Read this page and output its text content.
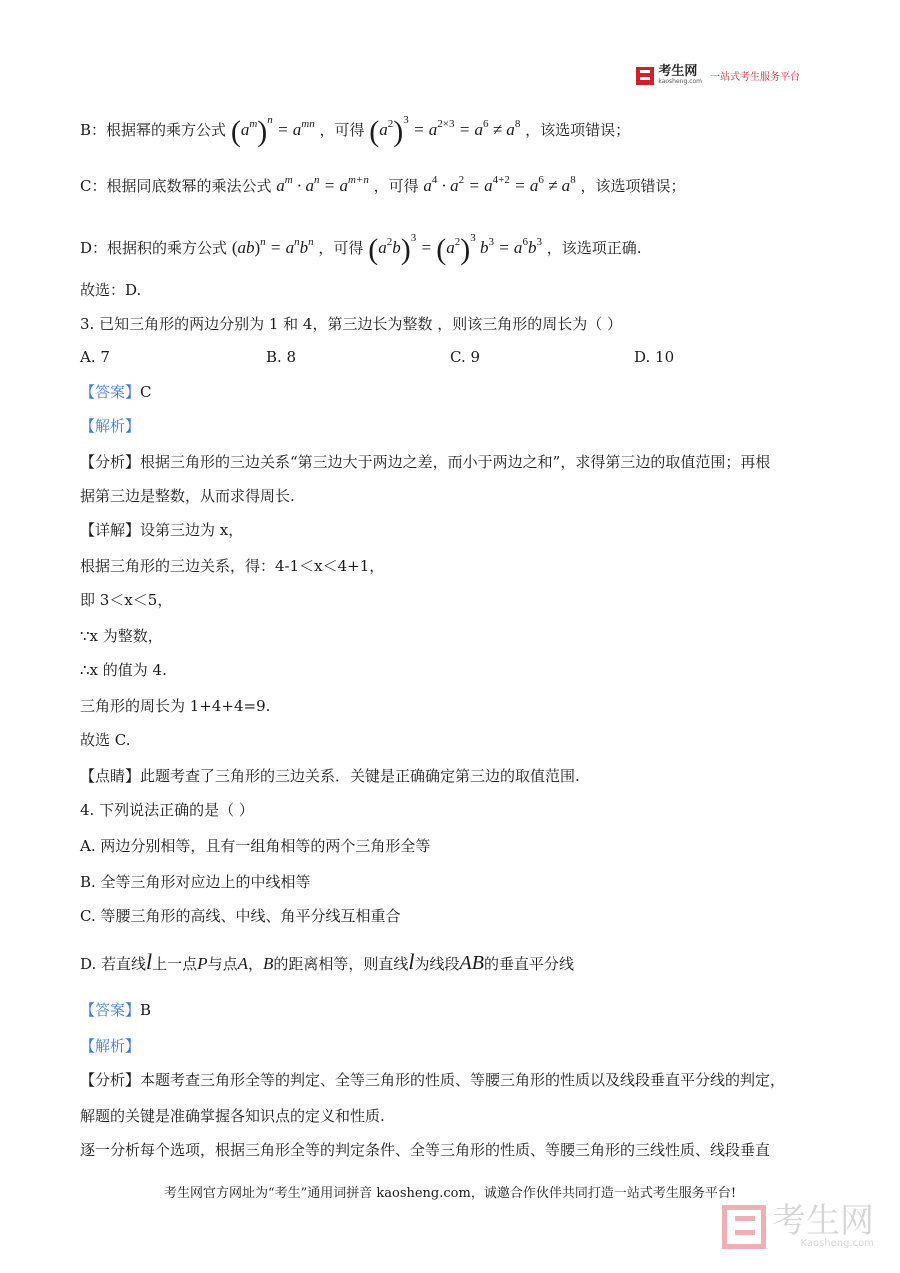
考生网
kaosheng.com 一站式考生服务平台
B：根据幂的乘方公式 $(a^m)^n = a^{mn}$ ，可得 $(a^2)^3 = a^{2\times 3} = a^6 \ne a^8$ ，该选项错误；
C：根据同底数幂的乘法公式 $a^m \cdot a^n = a^{m+n}$ ，可得 $a^4 \cdot a^2 = a^{4+2} = a^6 \ne a^8$ ，该选项错误；
D：根据积的乘方公式 $(ab)^n = a^nb^n$ ，可得 $(a^2b)^3 = (a^2)^3$ $b^3 = a^6b^3$ ，该选项正确.
故选：D.
3. 已知三角形的两边分别为 1 和 4，第三边长为整数 ，则该三角形的周长为（ ）
A. 7	B. 8	C. 9	D. 10
【答案】C
【解析】
【分析】根据三角形的三边关系“第三边大于两边之差，而小于两边之和”，求得第三边的取值范围；再根
据第三边是整数，从而求得周长.
【详解】设第三边为 x，
根据三角形的三边关系，得：4-1＜x＜4+1，
即 3＜x＜5，
∵x 为整数，
∴x 的值为 4.
三角形的周长为 1+4+4=9.
故选 C.
【点睛】此题考查了三角形的三边关系．关键是正确确定第三边的取值范围.
4. 下列说法正确的是（ ）
A. 两边分别相等，且有一组角相等的两个三角形全等
B. 全等三角形对应边上的中线相等
C. 等腰三角形的高线、中线、角平分线互相重合
D. 若直线l上一点P与点A，B的距离相等，则直线l为线段AB的垂直平分线
【答案】B
【解析】
【分析】本题考查三角形全等的判定、全等三角形的性质、等腰三角形的性质以及线段垂直平分线的判定，
解题的关键是准确掌握各知识点的定义和性质.
逐一分析每个选项，根据三角形全等的判定条件、全等三角形的性质、等腰三角形的三线性质、线段垂直
考生网官方网址为“考生”通用词拼音 kaosheng.com，诚邀合作伙伴共同打造一站式考生服务平台!
考生网
Kaosheng.com
